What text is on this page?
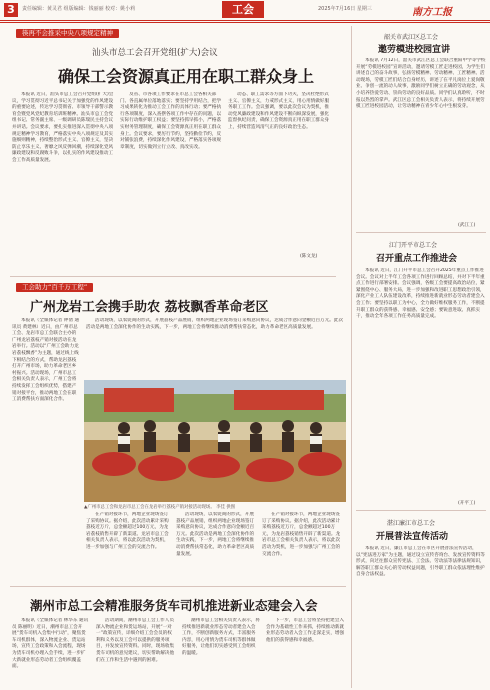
3	责任编辑：黄灵君 组版编辑：钱丽丽 校对：姚小莉	工会	2025年7月16日 星期三	南方工报
筷再不会推采中央八项规定精神
汕头市总工会召开党组(扩大)会议
确保工会资源真正用在职工群众身上
本报讯 近日，汕头市总工会召开党组(扩大)会议，学习贯彻习近平总书记关于加强党的作风建设的重要论述，传达学习贯彻省、市领导干部警示教育会暨党风党纪教育培训班精神。汕头市总工会党组书记、常务副主席、一级调研员陈瑞民主持会议并讲话。会议要求，要扎实推进深入贯彻中央八项规定精神学习教育，严格落实中央八项规定及其实施细则精神，持续整治形式主义、官僚主义，坚决防止享乐主义、奢靡之风反弹回潮，持续深化党风廉政建设和反腐败斗争，以扎实的作风建设推动工会工作高质量发展。
及省、市各项工作要求在市总工会各相关部门、各直属单位落地落实；要坚持学用结合，把学习成果转化为推动工会工作的具体行动；要严格执行各项制度，深入查摆各项工作中存在的问题，以实际行动维护职工权益；要坚持抓早抓小，严格落实财务管理制度，确保工会资源真正用在职工群众身上。会议要求，要厉行节约，坚持勤俭节约，反对铺张浪费，持续深化作风建设，严格落实各项规章制度，切实做到立行立改、真改实改。
动态、职工需求等方面下功夫，坚决杜绝形式主义、官僚主义，力戒形式主义，用心用情做好服务职工工作。会议强调，要以此次会议为契机，推动党风廉政建设和作风建设不断向纵深发展，强化监督执纪问责，确保工会资源真正用在职工群众身上，持续营造风清气正的良好政治生态。
(陈文龙)
工会助力“百千万工程”
广州龙岩工会携手助农 荔枝飘香革命老区
本报讯（全媒体记者 钟倩 通讯员 黄建林）近日，由广州市总工会、龙岩市总工会联合主办的广州龙岩荔枝产销对接活动在龙岩举行。活动以“广州工会助力龙岩荔枝飘香”为主题，通过线上线下相结合的方式，帮助龙岩荔枝打开广州市场，助力革命老区乡村振兴。活动现场，广州市总工会相关负责人表示，广州工会将持续发挥工会组织优势，搭建产销对接平台，推动两地工会在职工消费帮扶方面深化合作。
活动现场，以农促商的形式，开展荔枝产品展销，组织两地企业现场签订采购意向协议，达成合作意向金额近百万元。此次活动是两地工会深化协作的生动实践，下一步，两地工会将继续推动消费帮扶常态化，助力革命老区高质量发展。
▲广州市总工会和龙岩市总工会在龙岩举行荔枝产销对接活动现场。 李佳 供图
在产销对接环节，两地企业现场签订了采购协议。据介绍，此次活动累计采购荔枝近万斤，总金额超过100万元，为龙岩荔枝销售开辟了新渠道。龙岩市总工会相关负责人表示，将以此次活动为契机，进一步加强与广州工会的交流合作。
活动现场，以农促商的形式，开展荔枝产品展销，组织两地企业现场签订采购意向协议，达成合作意向金额近百万元。此次活动是两地工会深化协作的生动实践，下一步，两地工会将继续推动消费帮扶常态化，助力革命老区高质量发展。
在产销对接环节，两地企业现场签订了采购协议。据介绍，此次活动累计采购荔枝近万斤，总金额超过100万元，为龙岩荔枝销售开辟了新渠道。龙岩市总工会相关负责人表示，将以此次活动为契机，进一步加强与广州工会的交流合作。
潮州市总工会精准服务货车司机推进新业态建会入会
本报讯（全媒体记者 林华东 通讯员 陈丽明）近日，潮州市总工会开展“货车司机入会集中行动”，聚焦货车司机群体，深入物流企业、货运站场，宣传工会政策和入会流程，现场为货车司机办理入会手续，进一步扩大新就业形态劳动者工会组织覆盖面。
活动期间，潮州市总工会工作人员深入物流企业和货运场站，开展“一对一”政策宣传，详细介绍工会会员的权利和义务以及工会可以提供的服务项目，并发放宣传资料。同时，现场收集货车司机的意见建议，切实帮助解决他们在工作和生活中遇到的困难。
潮州市总工会相关负责人表示，将持续推进新就业形态劳动者建会入会工作，不断创新服务方式，丰富服务内容，用心用情为货车司机等群体做好服务，让他们切实感受到工会组织的温暖。
下一步，市总工会将坚持把建会入会作为基础性工作来抓，持续推动新就业形态劳动者入会工作走深走实，增强他们的获得感和幸福感。
韶关市武江区总工会
邀劳模进校园宣讲
本报讯 7月12日，韶关市武江区总工会联合重阳中学等学校开展“劳模进校园”宣讲活动，邀请劳模工匠走进校园，为学生们讲述自己的奋斗故事，弘扬劳模精神、劳动精神、工匠精神。活动现场，劳模工匠们结合自身经历，讲述了在平凡岗位上爱岗敬业、争创一流的动人故事，激励同学们树立正确的劳动观念，从小培养热爱劳动、崇尚劳动的良好品质。同学们认真聆听，不时报以热烈的掌声。武江区总工会相关负责人表示，将持续开展劳模工匠进校园活动，让劳动精神在青少年心中生根发芽。
(武江工)
江门开平市总工会
召开重点工作推进会
本报讯 近日，江门开平市总工会召开2025年重点工作推进会议。会议对上半年工会各项工作进行回顾总结，并对下半年重点工作进行部署安排。会议强调，各级工会要提高政治站位，紧紧围绕中心、服务大局，进一步加强和改进职工思想政治引领，深化产业工人队伍建设改革，持续推进新就业形态劳动者建会入会工作；要坚持以职工为中心，全力做好维权服务工作，不断提升职工群众的获得感、幸福感、安全感；要锐意进取、真抓实干，推动全年各项工作任务高质量完成。
(开平工)
湛江廉江市总工会
开展普法宣传活动
本报讯 近日，廉江市总工会在市区开展普法宣传活动，以“宪法进万家”为主题，通过设立宣传咨询台、发放宣传资料等形式，向过往群众宣传宪法、工会法、劳动法等法律法规知识，解答职工群众关心的劳动权益问题，引导职工群众依法理性维护自身合法权益。
